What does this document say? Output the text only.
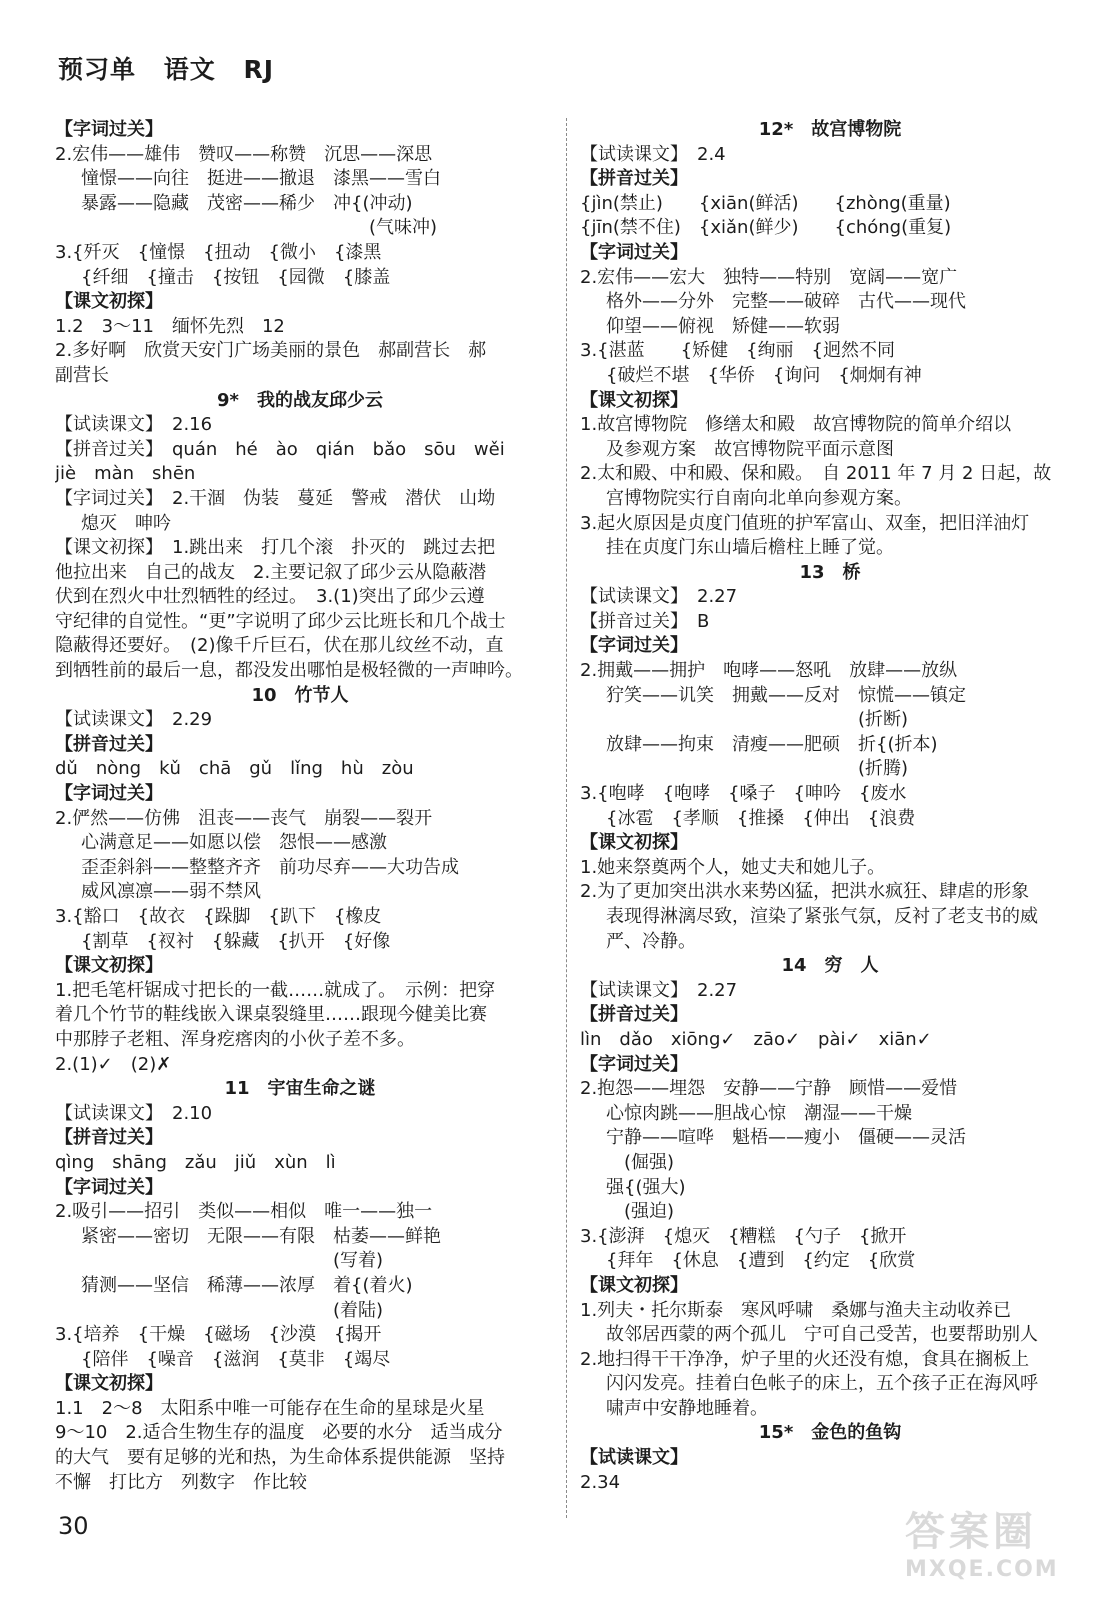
预习单 语文 RJ
【字词过关】
2.宏伟——雄伟　赞叹——称赞　沉思——深思
憧憬——向往　挺进——撤退　漆黑——雪白
暴露——隐藏　茂密——稀少　冲{(冲动)
　　　　　　　　　　　　　　　(气味冲)
3.{歼灭　{憧憬　{扭动　{微小　{漆黑
{纤细　{撞击　{按钮　{园微　{膝盖
【课文初探】
1.2　3～11　缅怀先烈　12
2.多好啊　欣赏天安门广场美丽的景色　郝副营长　郝
副营长
9*　我的战友邱少云
【试读课文】　2.16
【拼音过关】　quán　hé　ào　qián　bǎo　sōu　wěi
jiè　màn　shēn
【字词过关】　2.干涸　伪装　蔓延　警戒　潜伏　山坳
熄灭　呻吟
【课文初探】　1.跳出来　打几个滚　扑灭的　跳过去把
他拉出来　自己的战友　2.主要记叙了邱少云从隐蔽潜
伏到在烈火中壮烈牺牲的经过。　3.(1)突出了邱少云遵
守纪律的自觉性。“更”字说明了邱少云比班长和几个战士
隐蔽得还要好。　(2)像千斤巨石，伏在那儿纹丝不动，直
到牺牲前的最后一息，都没发出哪怕是极轻微的一声呻吟。
10　竹节人
【试读课文】　2.29
【拼音过关】
dǔ　nòng　kǔ　chā　gǔ　lǐng　hù　zòu
【字词过关】
2.俨然——仿佛　沮丧——丧气　崩裂——裂开
心满意足——如愿以偿　怨恨——感激
歪歪斜斜——整整齐齐　前功尽弃——大功告成
威风凛凛——弱不禁风
3.{豁口　{故衣　{跺脚　{趴下　{橡皮
{割草　{衩衬　{躲藏　{扒开　{好像
【课文初探】
1.把毛笔杆锯成寸把长的一截……就成了。　示例：把穿
着几个竹节的鞋线嵌入课桌裂缝里……跟现今健美比赛
中那脖子老粗、浑身疙瘩肉的小伙子差不多。
2.(1)✓　(2)✗
11　宇宙生命之谜
【试读课文】　2.10
【拼音过关】
qìng　shāng　zǎu　jiǔ　xùn　lì
【字词过关】
2.吸引——招引　类似——相似　唯一——独一
紧密——密切　无限——有限　枯萎——鲜艳
　　　　　　　　　　　　　　(写着)
猜测——坚信　稀薄——浓厚　着{(着火)
　　　　　　　　　　　　　　(着陆)
3.{培养　{干燥　{磁场　{沙漠　{揭开
{陪伴　{噪音　{滋润　{莫非　{竭尽
【课文初探】
1.1　2～8　太阳系中唯一可能存在生命的星球是火星
9～10　2.适合生物生存的温度　必要的水分　适当成分
的大气　要有足够的光和热，为生命体系提供能源　坚持
不懈　打比方　列数字　作比较
12*　故宫博物院
【试读课文】　2.4
【拼音过关】
{jìn(禁止)　　{xiān(鲜活)　　{zhòng(重量)
{jīn(禁不住)　{xiǎn(鲜少)　　{chóng(重复)
【字词过关】
2.宏伟——宏大　独特——特别　宽阔——宽广
格外——分外　完整——破碎　古代——现代
仰望——俯视　矫健——软弱
3.{湛蓝　　{矫健　{绚丽　{迥然不同
{破烂不堪　{华侨　{询问　{炯炯有神
【课文初探】
1.故宫博物院　修缮太和殿　故宫博物院的简单介绍以
及参观方案　故宫博物院平面示意图
2.太和殿、中和殿、保和殿。　自 2011 年 7 月 2 日起，故
宫博物院实行自南向北单向参观方案。
3.起火原因是贞度门值班的护军富山、双奎，把旧洋油灯
挂在贞度门东山墙后檐柱上睡了觉。
13　桥
【试读课文】　2.27
【拼音过关】　B
【字词过关】
2.拥戴——拥护　咆哮——怒吼　放肆——放纵
狞笑——讥笑　拥戴——反对　惊慌——镇定
　　　　　　　　　　　　　　(折断)
放肆——拘束　清瘦——肥硕　折{(折本)
　　　　　　　　　　　　　　(折腾)
3.{咆哮　{咆哮　{嗓子　{呻吟　{废水
{冰雹　{孝顺　{推搡　{伸出　{浪费
【课文初探】
1.她来祭奠两个人，她丈夫和她儿子。
2.为了更加突出洪水来势凶猛，把洪水疯狂、肆虐的形象
表现得淋漓尽致，渲染了紧张气氛，反衬了老支书的威
严、冷静。
14　穷　人
【试读课文】　2.27
【拼音过关】
lìn　dǎo　xiōng✓　zāo✓　pài✓　xiān✓
【字词过关】
2.抱怨——埋怨　安静——宁静　顾惜——爱惜
心惊肉跳——胆战心惊　潮湿——干燥
宁静——喧哗　魁梧——瘦小　僵硬——灵活
　(倔强)
强{(强大)
　(强迫)
3.{澎湃　{熄灭　{糟糕　{勺子　{掀开
{拜年　{休息　{遭到　{约定　{欣赏
【课文初探】
1.列夫・托尔斯泰　寒风呼啸　桑娜与渔夫主动收养已
故邻居西蒙的两个孤儿　宁可自己受苦，也要帮助别人
2.地扫得干干净净，炉子里的火还没有熄，食具在搁板上
闪闪发亮。挂着白色帐子的床上，五个孩子正在海风呼
啸声中安静地睡着。
15*　金色的鱼钩
【试读课文】
2.34
30	答案圈
MXQE.COM
